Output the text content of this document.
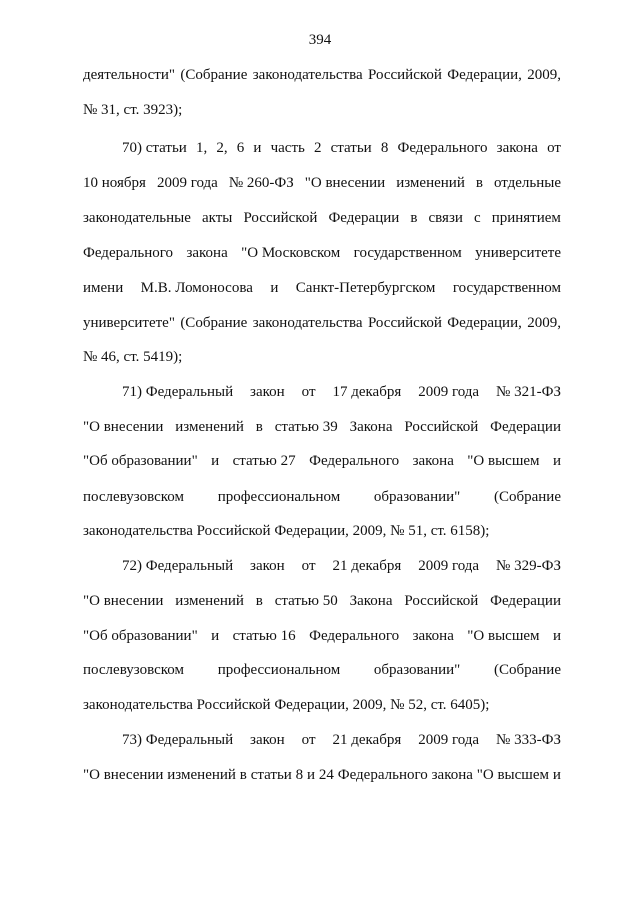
394
деятельности" (Собрание законодательства Российской Федерации, 2009,
№ 31, ст. 3923);
70) статьи 1, 2, 6 и часть 2 статьи 8 Федерального закона от
10 ноября 2009 года № 260-ФЗ "О внесении изменений в отдельные
законодательные акты Российской Федерации в связи с принятием
Федерального закона "О Московском государственном университете
имени М.В. Ломоносова и Санкт-Петербургском государственном
университете" (Собрание законодательства Российской Федерации, 2009,
№ 46, ст. 5419);
71) Федеральный закон от 17 декабря 2009 года № 321-ФЗ
"О внесении изменений в статью 39 Закона Российской Федерации
"Об образовании" и статью 27 Федерального закона "О высшем и
послевузовском профессиональном образовании" (Собрание
законодательства Российской Федерации, 2009, № 51, ст. 6158);
72) Федеральный закон от 21 декабря 2009 года № 329-ФЗ
"О внесении изменений в статью 50 Закона Российской Федерации
"Об образовании" и статью 16 Федерального закона "О высшем и
послевузовском профессиональном образовании" (Собрание
законодательства Российской Федерации, 2009, № 52, ст. 6405);
73) Федеральный закон от 21 декабря 2009 года № 333-ФЗ
"О внесении изменений в статьи 8 и 24 Федерального закона "О высшем и
